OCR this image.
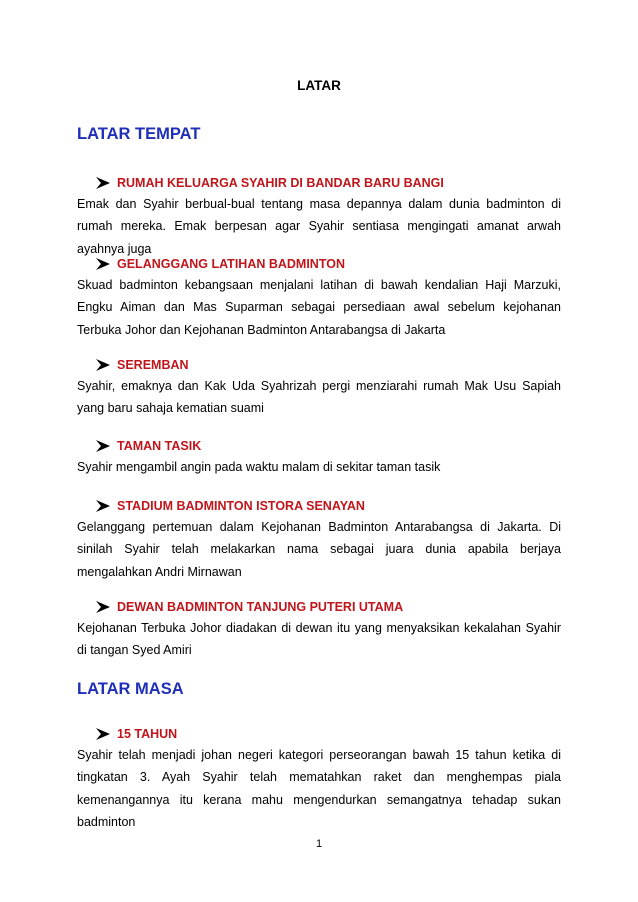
LATAR
LATAR TEMPAT
RUMAH KELUARGA SYAHIR DI BANDAR BARU BANGI
Emak dan Syahir berbual-bual tentang masa depannya dalam dunia badminton di rumah mereka. Emak berpesan agar Syahir sentiasa mengingati amanat arwah ayahnya juga
GELANGGANG LATIHAN BADMINTON
Skuad badminton kebangsaan menjalani latihan di bawah kendalian Haji Marzuki, Engku Aiman dan Mas Suparman sebagai persediaan awal sebelum kejohanan Terbuka Johor dan Kejohanan Badminton Antarabangsa di Jakarta
SEREMBAN
Syahir, emaknya dan Kak Uda Syahrizah pergi menziarahi rumah Mak Usu Sapiah yang baru sahaja kematian suami
TAMAN TASIK
Syahir mengambil angin pada waktu malam di sekitar taman tasik
STADIUM BADMINTON ISTORA SENAYAN
Gelanggang pertemuan dalam Kejohanan Badminton Antarabangsa di Jakarta. Di sinilah Syahir telah melakarkan nama sebagai juara dunia apabila berjaya mengalahkan Andri Mirnawan
DEWAN BADMINTON TANJUNG PUTERI UTAMA
Kejohanan Terbuka Johor diadakan di dewan itu yang menyaksikan kekalahan Syahir di tangan Syed Amiri
LATAR MASA
15 TAHUN
Syahir telah menjadi johan negeri kategori perseorangan bawah 15 tahun ketika di tingkatan 3. Ayah Syahir telah mematahkan raket dan menghempas piala kemenangannya itu kerana mahu mengendurkan semangatnya tehadap sukan badminton
1
